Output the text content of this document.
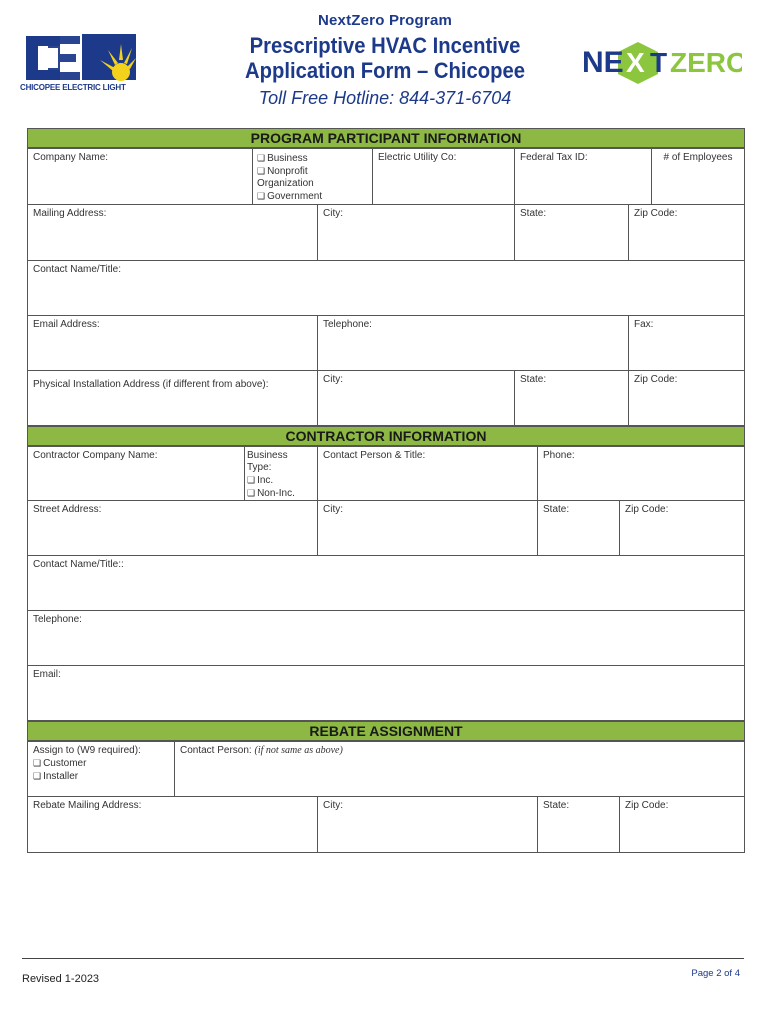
NextZero Program
CHICOPEE ELECTRIC LIGHT
Prescriptive HVAC Incentive
Application Form – Chicopee	NE X T ZERO
Toll Free Hotline: 844-371-6704
PROGRAM PARTICIPANT INFORMATION
Company Name:
❑	Business
❑ Nonprofit Organization
❑ Government
Electric Utility Co:	Federal Tax ID:	# of Employees
Mailing Address:	City:	State:	Zip Code:
Contact Name/Title:
Email Address:	Telephone:	Fax:
Physical Installation Address (if different from above):	City:	State:	Zip Code:
CONTRACTOR INFORMATION
Contractor Company Name:	Business Type:
❑ Inc.
❑ Non-Inc.
❑
Contact Person & Title:	Phone:
Street Address:	City:	State:	Zip Code:
Contact Name/Title::
Telephone:
Email:
REBATE ASSIGNMENT
Assign to (W9 required):
❑ Customer
❑ Installer
Contact Person: (if not same as above)
Rebate Mailing Address:	City:	State:	Zip Code:
Revised 1-2023	Page 2 of 4
